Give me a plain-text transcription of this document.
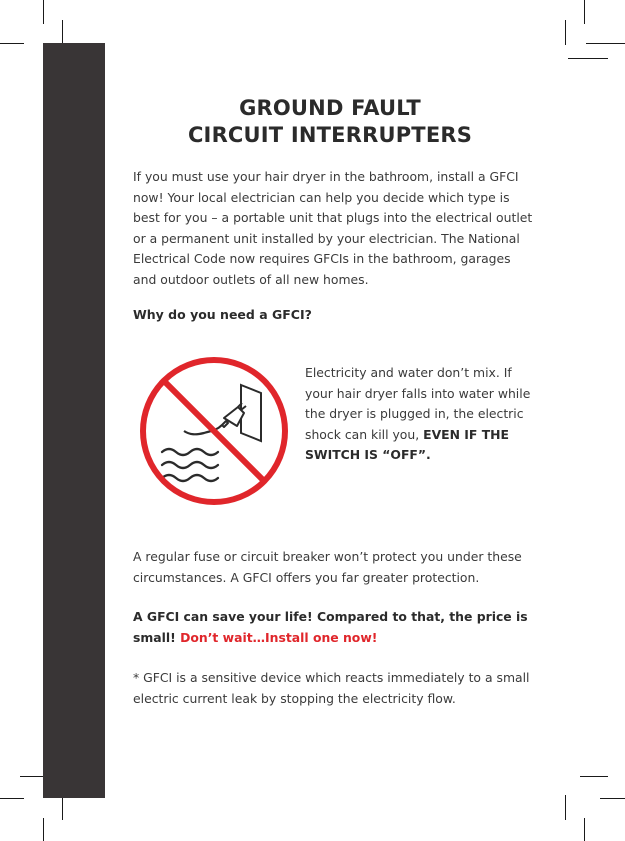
GROUND FAULT
CIRCUIT INTERRUPTERS

If you must use your hair dryer in the bathroom, install a GFCI now! Your local electrician can help you decide which type is best for you – a portable unit that plugs into the electrical outlet or a permanent unit installed by your electrician. The National Electrical Code now requires GFCIs in the bathroom, garages and outdoor outlets of all new homes.

Why do you need a GFCI?

Electricity and water don’t mix. If your hair dryer falls into water while the dryer is plugged in, the electric shock can kill you, EVEN IF THE SWITCH IS “OFF”.

A regular fuse or circuit breaker won’t protect you under these circumstances. A GFCI offers you far greater protection.

A GFCI can save your life! Compared to that, the price is small! Don’t wait…Install one now!

* GFCI is a sensitive device which reacts immediately to a small electric current leak by stopping the electricity flow.
